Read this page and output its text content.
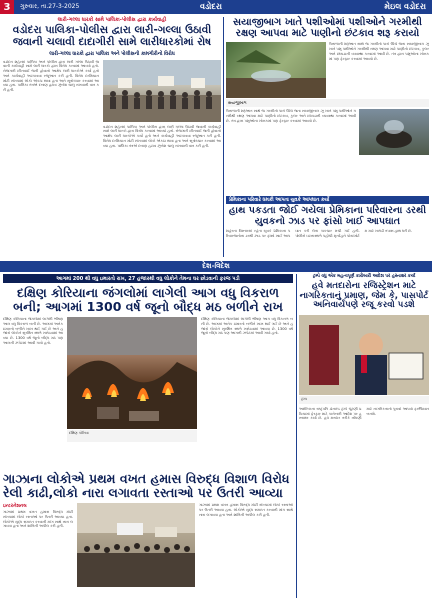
3	ગુરુવાર, તા.27-3-2025	વડોદરા	મેઇલ વડોદરા
લારી-ગલ્લા ધારકો સામે પાલિકા-પોલીસ દ્વારા કાર્યવાહી
વડોદરા પાલિકા-પોલીસ દ્વારા લારી-ગલ્લા ઉઠાવી જવાની ચલાવી દાદાગીરી સામે લારીધારકોમાં રોષ
લારી-ગલ્લા ધારકો દ્વારા પાલિકા અને પોલીસની કામગીરીનો વિરોધ
વડોદરા શહેરમાં પાલિકા અને પોલીસ દ્વારા લારી ગલ્લા ઉઠાવી જવાની કાર્યવાહી સામે લારી ધારકો દ્વારા વિરોધ કરવામાં આવ્યો હતો. રોજગારી છીનવાઈ જતી હોવાનો આક્ષેપ લારી ધારકોએ કર્યો હતો અને કાર્યવાહી અટકાવવા રજૂઆત કરી હતી. વિરોધ દરમિયાન મોટી સંખ્યામાં લોકો એકઠા થયા હતા અને સૂત્રોચ્ચાર કરવામાં આવ્યા હતા. પાલિકા તંત્રએ દબાણ હટાવ ઝુંબેશ ચાલુ રાખવાની વાત કરી હતી.
વડોદરા શહેરમાં પાલિકા અને પોલીસ દ્વારા લારી ગલ્લા ઉઠાવી જવાની કાર્યવાહી સામે લારી ધારકો દ્વારા વિરોધ કરવામાં આવ્યો હતો. રોજગારી છીનવાઈ જતી હોવાનો આક્ષેપ લારી ધારકોએ કર્યો હતો અને કાર્યવાહી અટકાવવા રજૂઆત કરી હતી. વિરોધ દરમિયાન મોટી સંખ્યામાં લોકો એકઠા થયા હતા અને સૂત્રોચ્ચાર કરવામાં આવ્યા હતા. પાલિકા તંત્રએ દબાણ હટાવ ઝુંબેશ ચાલુ રાખવાની વાત કરી હતી.
સયાજીબાગ ખાતે પશીઓમાં પશીઓને ગરમીથી રક્ષણ આપવા માટે પાણીનો છંટકાવ શરૂ કરાયો
ઉનાળાની શરૂઆત સાથે જ ગરમીનો પારો ઊંચે જતા સયાજીબાગ ઝૂ ખાતે પશુ પક્ષીઓને ગરમીથી રક્ષણ આપવા માટે પાણીનો છંટકાવ, કુલર અને છાંયડાની વ્યવસ્થા કરવામાં આવી છે. તંત્ર દ્વારા પશુઓના ખોરાકમાં પણ ફેરફાર કરવામાં આવ્યો છે.
સયાજીબાગ
ઉનાળાની શરૂઆત સાથે જ ગરમીનો પારો ઊંચે જતા સયાજીબાગ ઝૂ ખાતે પશુ પક્ષીઓને ગરમીથી રક્ષણ આપવા માટે પાણીનો છંટકાવ, કુલર અને છાંયડાની વ્યવસ્થા કરવામાં આવી છે. તંત્ર દ્વારા પશુઓના ખોરાકમાં પણ ફેરફાર કરવામાં આવ્યો છે.
પ્રેમિકાના પરિવારે ધમકી આપતા યુવકે આપઘાત કર્યો
હાથ પકડતા જોઈ ગયેલા પ્રેમિકાના પરિવારના ડરથી યુવકનો ઝાડ પર ફાંસો ખાઈ આપઘાત
શહેરના વિસ્તારમાં રહેતા યુવકે પ્રેમિકાના પરિવારજનોના ડરથી ઝાડ પર ફાંસો ખાઈ આપઘાત કરી લેતા ચકચાર મચી ગઈ હતી. પોલીસે ઘટનાસ્થળે પહોંચી મૃતદેહને પોસ્ટમોર્ટમ માટે ખસેડી તપાસ હાથ ધરી છે.
દેશ-વિદેશ
આગમાં 200 થી વધુ ઇમારતો રાખ, 27 હજારથી વધુ લોકોને તેમના ઘર છોડવાની ફરજ પડી
દક્ષિણ કોરિયાના જંગલોમાં લાગેલી આગ વધુ વિકરાળ બની; આગમાં 1300 વર્ષ જૂનો બૌદ્ધ મઠ બળીને રાખ
દક્ષિણ કોરિયાના જંગલોમાં લાગેલી ભીષણ આગ વધુ વિકરાળ બની છે. આગમાં અનેક ઇમારતો બળીને ખાખ થઈ ગઈ છે અને હજારો લોકોને સુરક્ષિત સ્થળે ખસેડવામાં આવ્યા છે. 1300 વર્ષ જૂનો બૌદ્ધ મઠ પણ આગની ઝપેટમાં આવી ગયો હતો.
દક્ષિણ કોરિયા
દક્ષિણ કોરિયાના જંગલોમાં લાગેલી ભીષણ આગ વધુ વિકરાળ બની છે. આગમાં અનેક ઇમારતો બળીને ખાખ થઈ ગઈ છે અને હજારો લોકોને સુરક્ષિત સ્થળે ખસેડવામાં આવ્યા છે. 1300 વર્ષ જૂનો બૌદ્ધ મઠ પણ આગની ઝપેટમાં આવી ગયો હતો.
ગાઝાના લોકોએ પ્રથમ વખત હમાસ વિરુદ્ધ વિશાળ વિરોધ રેલી કાઢી,લોકો નારા લગાવતા રસ્તાઓ પર ઉતરી આવ્યા
ઇન્ટરનેશનલ
ગાઝામાં પ્રથમ વખત હમાસ વિરુદ્ધ મોટી સંખ્યામાં લોકો રસ્તાઓ પર ઉતરી આવ્યા હતા. લોકોએ યુદ્ધ સમાપ્ત કરવાની માંગ સાથે નારા લગાવ્યા હતા અને શાંતિની અપીલ કરી હતી.
ગાઝામાં પ્રથમ વખત હમાસ વિરુદ્ધ મોટી સંખ્યામાં લોકો રસ્તાઓ પર ઉતરી આવ્યા હતા. લોકોએ યુદ્ધ સમાપ્ત કરવાની માંગ સાથે નારા લગાવ્યા હતા અને શાંતિની અપીલ કરી હતી.
ટ્રમ્પે વધુ એક મહત્વપૂર્ણ કારોબારી આદેશ પર હસ્તાક્ષર કર્યા
હવે મતદારોના રજિસ્ટ્રેશન માટે નાગરિકતાનું પ્રમાણ, જેમ કે, પાસપોર્ટ અનિવાર્યપણે રજૂ કરવો પડશે
ટ્રમ્પ
અમેરિકાના રાષ્ટ્રપતિ ડોનાલ્ડ ટ્રમ્પે ચૂંટણી પ્રક્રિયામાં ફેરફાર માટે કારોબારી આદેશ પર હસ્તાક્ષર કર્યા છે. હવે મતદાર તરીકે નોંધણી માટે નાગરિકતાનો પુરાવો આપવો ફરજિયાત બનશે.
